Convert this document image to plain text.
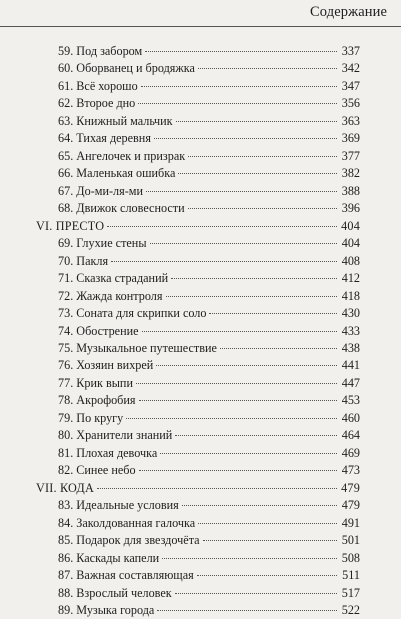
Содержание
59. Под забором	337
60. Оборванец и бродяжка	342
61. Всё хорошо	347
62. Второе дно	356
63. Книжный мальчик	363
64. Тихая деревня	369
65. Ангелочек и призрак	377
66. Маленькая ошибка	382
67. До-ми-ля-ми	388
68. Движок словесности	396
VI. ПРЕСТО	404
69. Глухие стены	404
70. Пакля	408
71. Сказка страданий	412
72. Жажда контроля	418
73. Соната для скрипки соло	430
74. Обострение	433
75. Музыкальное путешествие	438
76. Хозяин вихрей	441
77. Крик выпи	447
78. Акрофобия	453
79. По кругу	460
80. Хранители знаний	464
81. Плохая девочка	469
82. Синее небо	473
VII. КОДА	479
83. Идеальные условия	479
84. Заколдованная галочка	491
85. Подарок для звездочёта	501
86. Каскады капели	508
87. Важная составляющая	511
88. Взрослый человек	517
89. Музыка города	522
